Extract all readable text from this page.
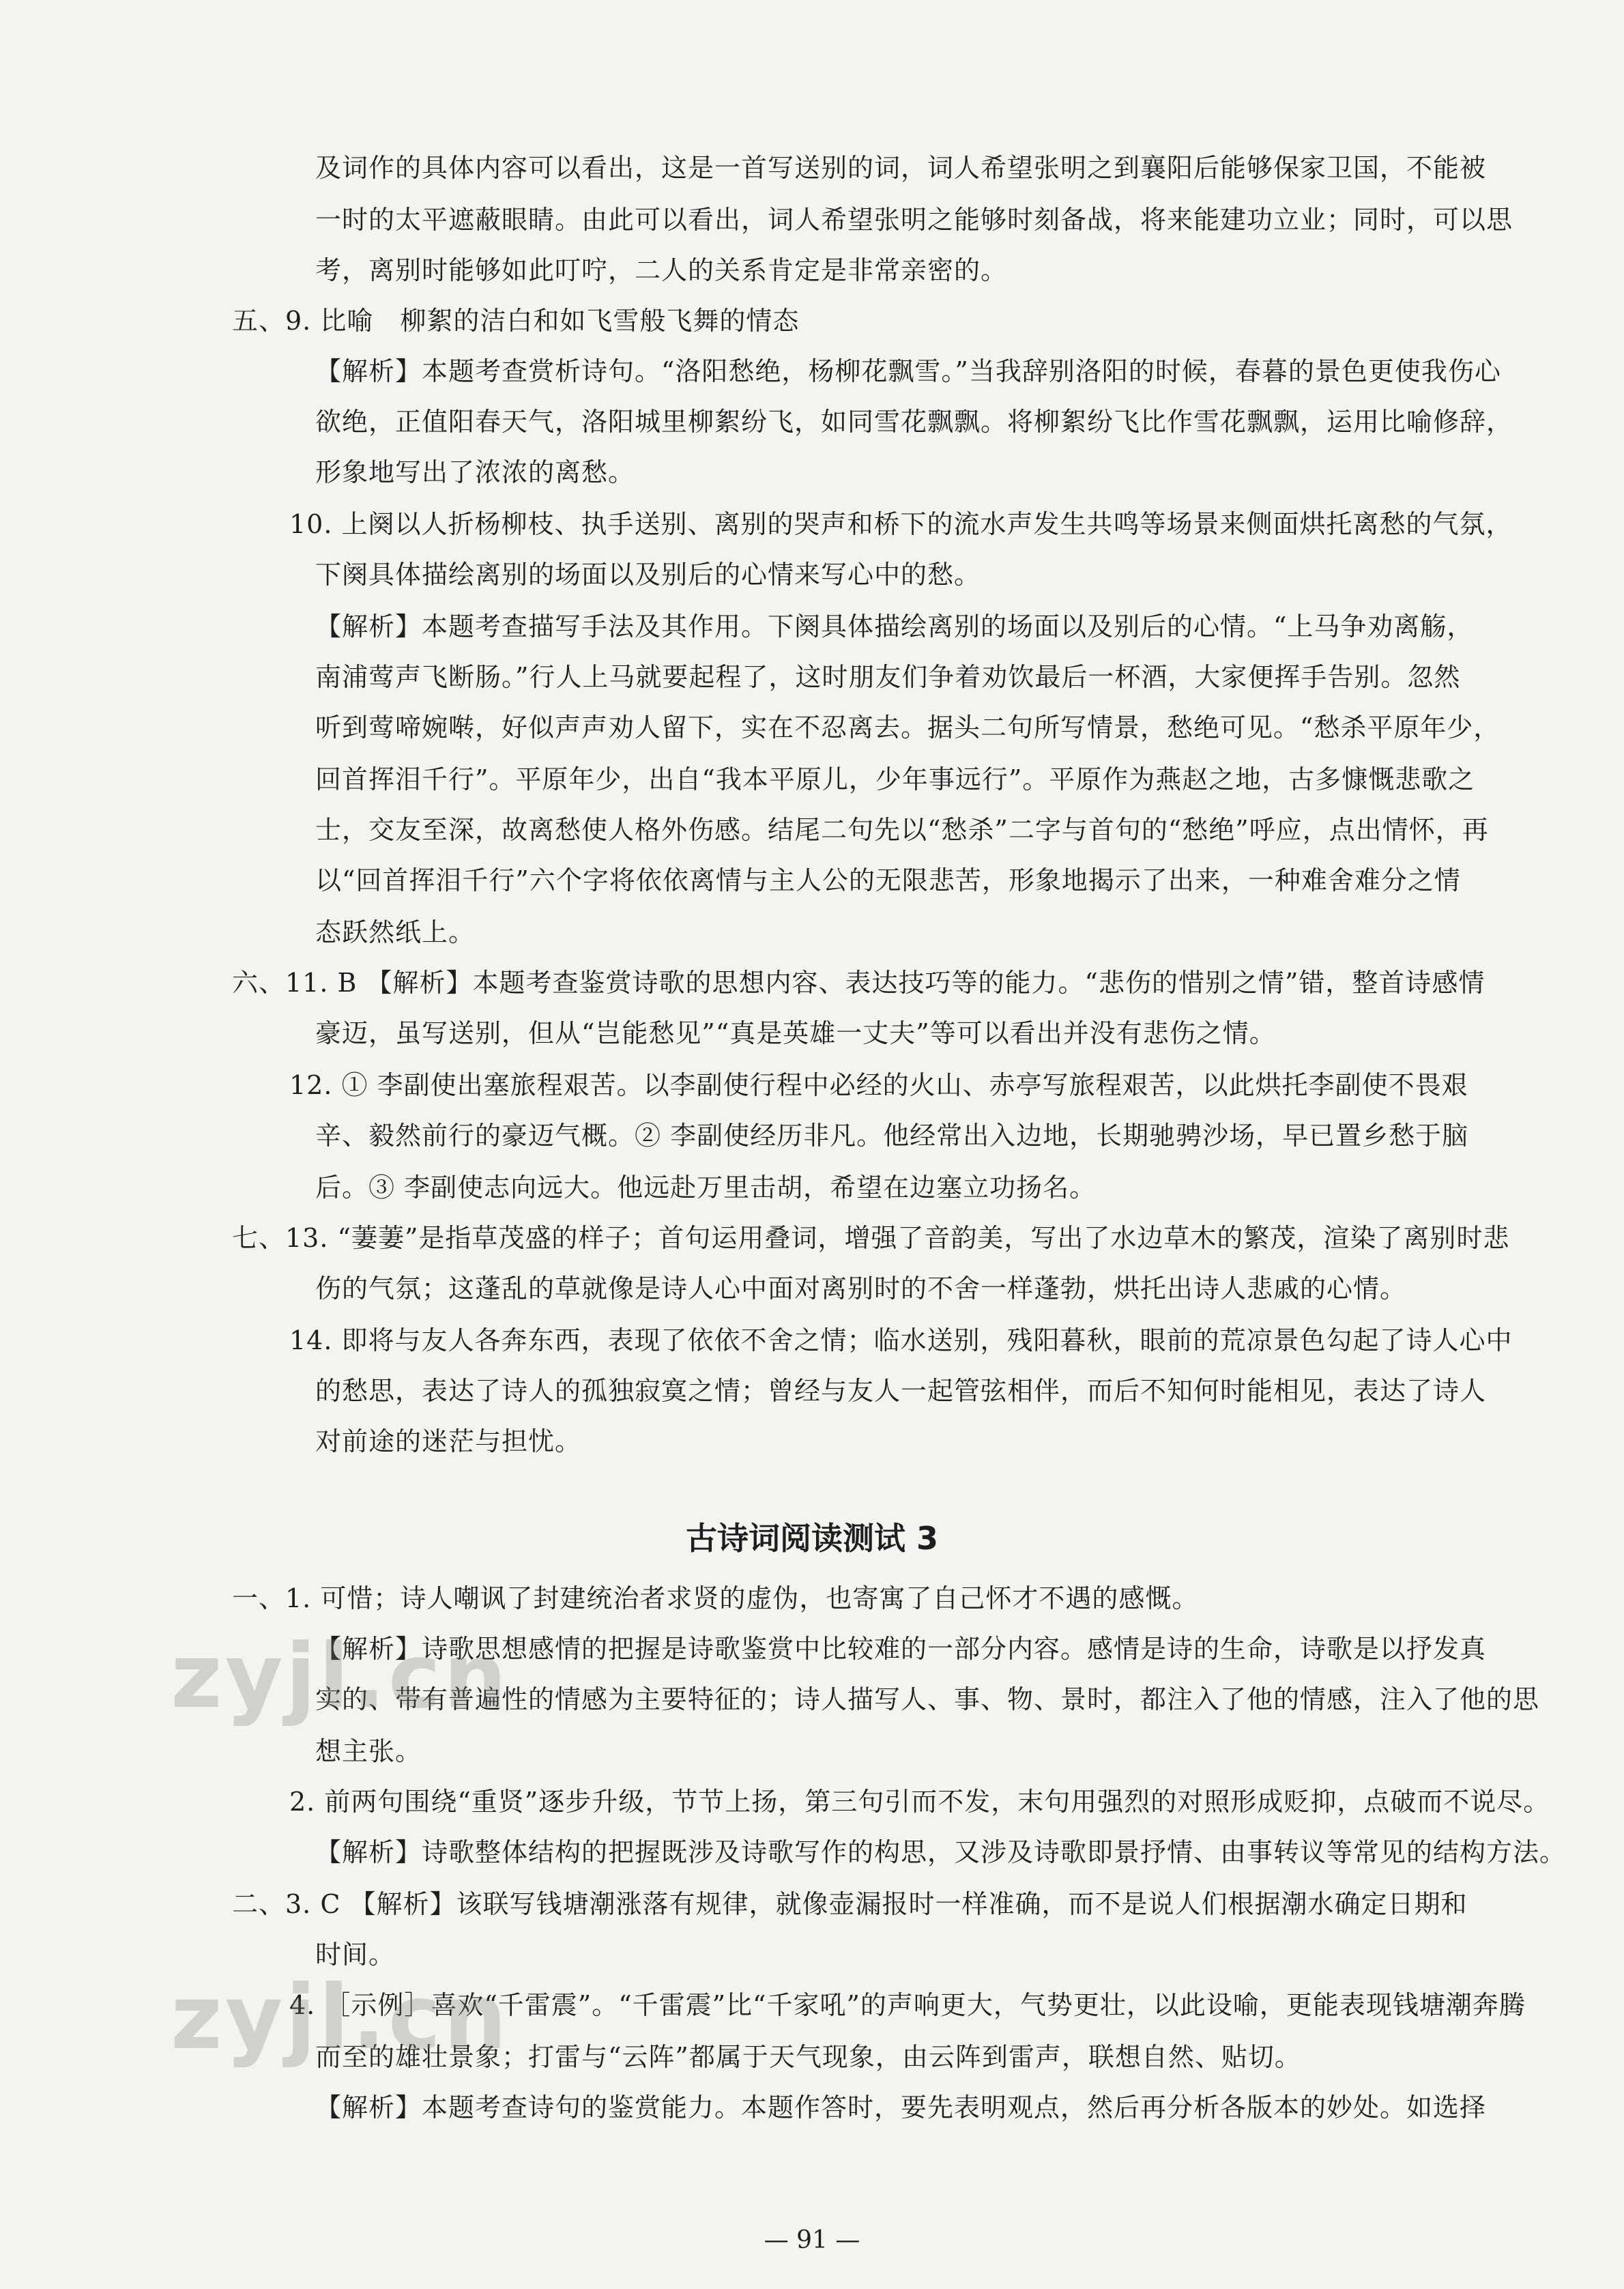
及词作的具体内容可以看出，这是一首写送别的词，词人希望张明之到襄阳后能够保家卫国，不能被
一时的太平遮蔽眼睛。由此可以看出，词人希望张明之能够时刻备战，将来能建功立业；同时，可以思
考，离别时能够如此叮咛，二人的关系肯定是非常亲密的。
五、9. 比喻　柳絮的洁白和如飞雪般飞舞的情态
【解析】本题考查赏析诗句。“洛阳愁绝，杨柳花飘雪。”当我辞别洛阳的时候，春暮的景色更使我伤心
欲绝，正值阳春天气，洛阳城里柳絮纷飞，如同雪花飘飘。将柳絮纷飞比作雪花飘飘，运用比喻修辞，
形象地写出了浓浓的离愁。
10. 上阕以人折杨柳枝、执手送别、离别的哭声和桥下的流水声发生共鸣等场景来侧面烘托离愁的气氛，
下阕具体描绘离别的场面以及别后的心情来写心中的愁。
【解析】本题考查描写手法及其作用。下阕具体描绘离别的场面以及别后的心情。“上马争劝离觞，
南浦莺声飞断肠。”行人上马就要起程了，这时朋友们争着劝饮最后一杯酒，大家便挥手告别。忽然
听到莺啼婉啭，好似声声劝人留下，实在不忍离去。据头二句所写情景，愁绝可见。“愁杀平原年少，
回首挥泪千行”。平原年少，出自“我本平原儿，少年事远行”。平原作为燕赵之地，古多慷慨悲歌之
士，交友至深，故离愁使人格外伤感。结尾二句先以“愁杀”二字与首句的“愁绝”呼应，点出情怀，再
以“回首挥泪千行”六个字将依依离情与主人公的无限悲苦，形象地揭示了出来，一种难舍难分之情
态跃然纸上。
六、11. B 【解析】本题考查鉴赏诗歌的思想内容、表达技巧等的能力。“悲伤的惜别之情”错，整首诗感情
豪迈，虽写送别，但从“岂能愁见”“真是英雄一丈夫”等可以看出并没有悲伤之情。
12. ① 李副使出塞旅程艰苦。以李副使行程中必经的火山、赤亭写旅程艰苦，以此烘托李副使不畏艰
辛、毅然前行的豪迈气概。② 李副使经历非凡。他经常出入边地，长期驰骋沙场，早已置乡愁于脑
后。③ 李副使志向远大。他远赴万里击胡，希望在边塞立功扬名。
七、13. “萋萋”是指草茂盛的样子；首句运用叠词，增强了音韵美，写出了水边草木的繁茂，渲染了离别时悲
伤的气氛；这蓬乱的草就像是诗人心中面对离别时的不舍一样蓬勃，烘托出诗人悲戚的心情。
14. 即将与友人各奔东西，表现了依依不舍之情；临水送别，残阳暮秋，眼前的荒凉景色勾起了诗人心中
的愁思，表达了诗人的孤独寂寞之情；曾经与友人一起管弦相伴，而后不知何时能相见，表达了诗人
对前途的迷茫与担忧。
一、1. 可惜；诗人嘲讽了封建统治者求贤的虚伪，也寄寓了自己怀才不遇的感慨。
【解析】诗歌思想感情的把握是诗歌鉴赏中比较难的一部分内容。感情是诗的生命，诗歌是以抒发真
实的、带有普遍性的情感为主要特征的；诗人描写人、事、物、景时，都注入了他的情感，注入了他的思
想主张。
2. 前两句围绕“重贤”逐步升级，节节上扬，第三句引而不发，末句用强烈的对照形成贬抑，点破而不说尽。
【解析】诗歌整体结构的把握既涉及诗歌写作的构思，又涉及诗歌即景抒情、由事转议等常见的结构方法。
二、3. C 【解析】该联写钱塘潮涨落有规律，就像壶漏报时一样准确，而不是说人们根据潮水确定日期和
时间。
4. ［示例］喜欢“千雷震”。“千雷震”比“千家吼”的声响更大，气势更壮，以此设喻，更能表现钱塘潮奔腾
而至的雄壮景象；打雷与“云阵”都属于天气现象，由云阵到雷声，联想自然、贴切。
【解析】本题考查诗句的鉴赏能力。本题作答时，要先表明观点，然后再分析各版本的妙处。如选择
古诗词阅读测试 3
— 91 —
zyjl.cn
zyjl.cn
